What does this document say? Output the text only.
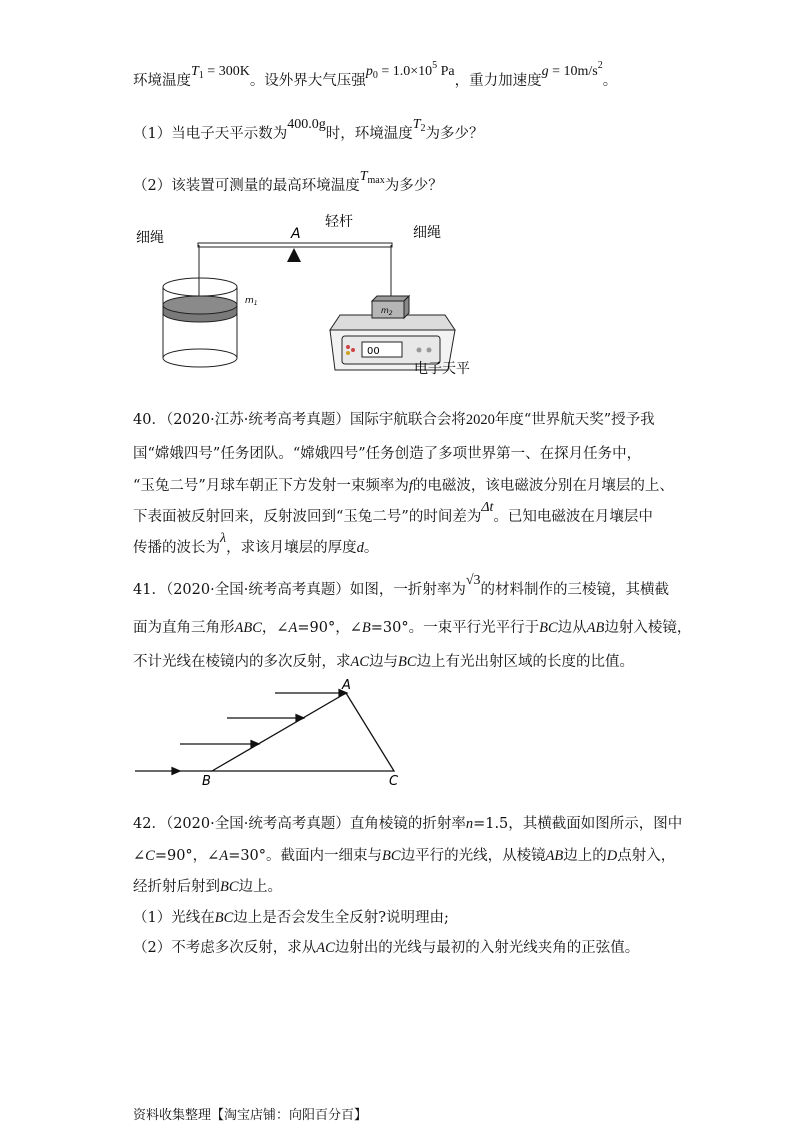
环境温度$T_1 = 300K$。设外界大气压强$p_0 = 1.0\times 10^5$ Pa，重力加速度$g = 10m/s^2$。
（1）当电子天平示数为400.0g时，环境温度$T_2$为多少？
（2）该装置可测量的最高环境温度$T_{max}$为多少？
$m_1$
00
$m_2$
细绳	A
轻杆
细绳
电子天平
40．（2020·江苏·统考高考真题）国际宇航联合会将2020年度“世界航天奖”授予我
国“嫦娥四号”任务团队。“嫦娥四号”任务创造了多项世界第一、在探月任务中，
“玉兔二号”月球车朝正下方发射一束频率为f的电磁波，该电磁波分别在月壤层的上、
下表面被反射回来，反射波回到“玉兔二号”的时间差为Δt。已知电磁波在月壤层中
传播的波长为λ，求该月壤层的厚度d。
41．（2020·全国·统考高考真题）如图，一折射率为√3的材料制作的三棱镜，其横截
面为直角三角形ABC，∠A=90°，∠B=30°。一束平行光平行于BC边从AB边射入棱镜，
不计光线在棱镜内的多次反射，求AC边与BC边上有光出射区域的长度的比值。
A
B	C
42．（2020·全国·统考高考真题）直角棱镜的折射率n=1.5，其横截面如图所示，图中
∠C=90°，∠A=30°。截面内一细束与BC边平行的光线，从棱镜AB边上的D点射入，
经折射后射到BC边上。
（1）光线在BC边上是否会发生全反射?说明理由;
（2）不考虑多次反射，求从AC边射出的光线与最初的入射光线夹角的正弦值。
资料收集整理【淘宝店铺：向阳百分百】
